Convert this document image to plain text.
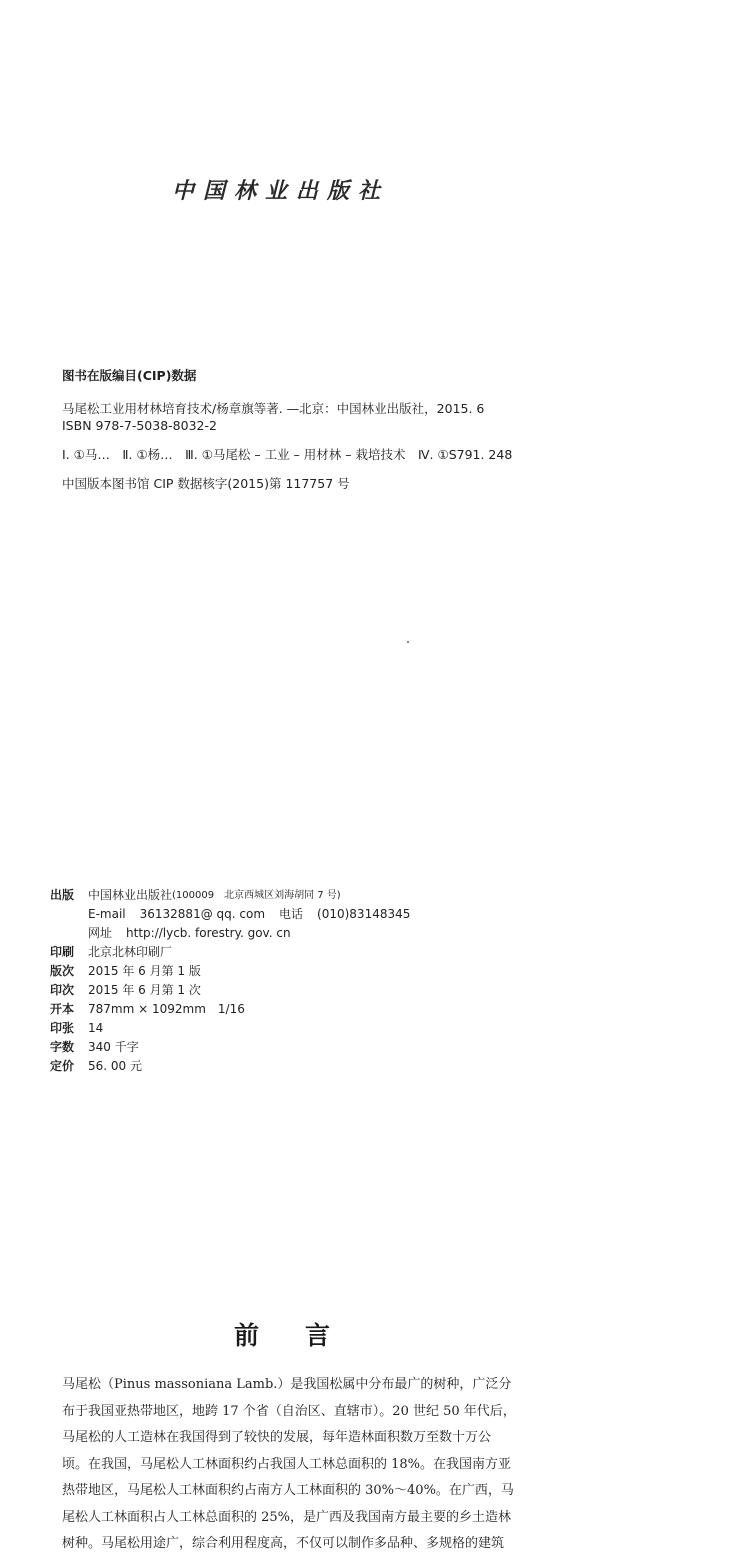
中国林业出版社
图书在版编目(CIP)数据
马尾松工业用材林培育技术/杨章旗等著. —北京：中国林业出版社，2015. 6
ISBN 978-7-5038-8032-2
Ⅰ. ①马…　Ⅱ. ①杨…　Ⅲ. ①马尾松 – 工业 – 用材林 – 栽培技术　Ⅳ. ①S791. 248
中国版本图书馆 CIP 数据核字(2015)第 117757 号
出版	中国林业出版社 (100009　北京西城区刘海胡同 7 号)
E-mail 36132881@ qq. com 电话 (010)83148345
网址 http://lycb. forestry. gov. cn
印刷	北京北林印刷厂
版次	2015 年 6 月第 1 版
印次	2015 年 6 月第 1 次
开本	787mm × 1092mm　1/16
印张	14
字数	340 千字
定价	56. 00 元
前言

马尾松（Pinus massoniana Lamb.）是我国松属中分布最广的树种，广泛分

布于我国亚热带地区，地跨 17 个省（自治区、直辖市）。20 世纪 50 年代后，

马尾松的人工造林在我国得到了较快的发展，每年造林面积数万至数十万公

顷。在我国，马尾松人工林面积约占我国人工林总面积的 18%。在我国南方亚

热带地区，马尾松人工林面积约占南方人工林面积的 30%～40%。在广西，马

尾松人工林面积占人工林总面积的 25%，是广西及我国南方最主要的乡土造林

树种。马尾松用途广，综合利用程度高，不仅可以制作多品种、多规格的建筑
